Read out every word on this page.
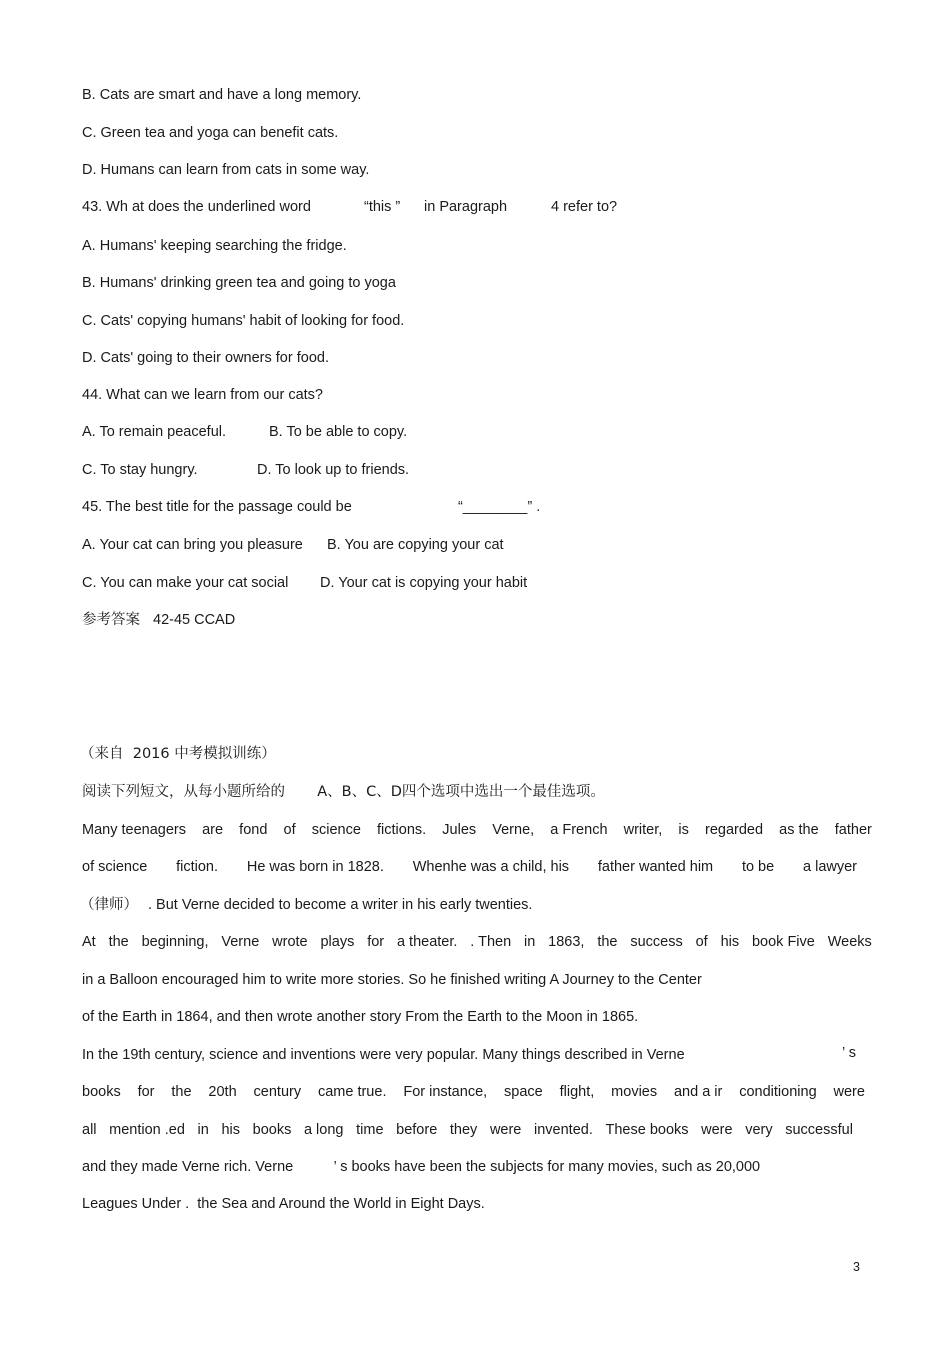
B. Cats are smart and have a long memory.
C. Green tea and yoga can benefit cats.
D. Humans can learn from cats in some way.
43. Wh at does the underlined word	“this ” in Paragraph	4 refer to?
A. Humans' keeping searching the fridge.
B. Humans' drinking green tea and going to yoga
C. Cats' copying humans' habit of looking for food.
D. Cats' going to their owners for food.
44. What can we learn from our cats?
A. To remain peaceful.	B. To be able to copy.
C. To stay hungry.	D. To look up to friends.
45. The best title for the passage could be	“________” .
A. Your cat can bring you pleasure B. You are copying your cat
C. You can make your cat social D. Your cat is copying your habit
参考答案 42-45 CCAD
（来自  2016 中考模拟训练）
阅读下列短文，从每小题所给的       A、B、C、D四个选项中选出一个最佳选项。
Many teenagers are fond of science fictions. Jules Verne, a French writer, is regarded as the father
of science fiction. He was born in 1828. Whenhe was a child, his father wanted him to be a lawyer
（律师） . But Verne decided to become a writer in his early twenties.
At the beginning, Verne wrote plays for a theater. . Then in 1863, the success of his book Five Weeks
in a Balloon encouraged him to write more stories. So he finished writing A Journey to the Center
of the Earth in 1864, and then wrote another story From the Earth to the Moon in 1865.
In the 19th century, science and inventions were very popular. Many things described in Verne	’ s
books for the 20th century came true. For instance, space flight, movies and a ir conditioning were
all mention .ed in his books a long time before they were invented. These books were very successful
and they made Verne rich. Verne          ’ s books have been the subjects for many movies, such as 20,000
Leagues Under .  the Sea and Around the World in Eight Days.
3
